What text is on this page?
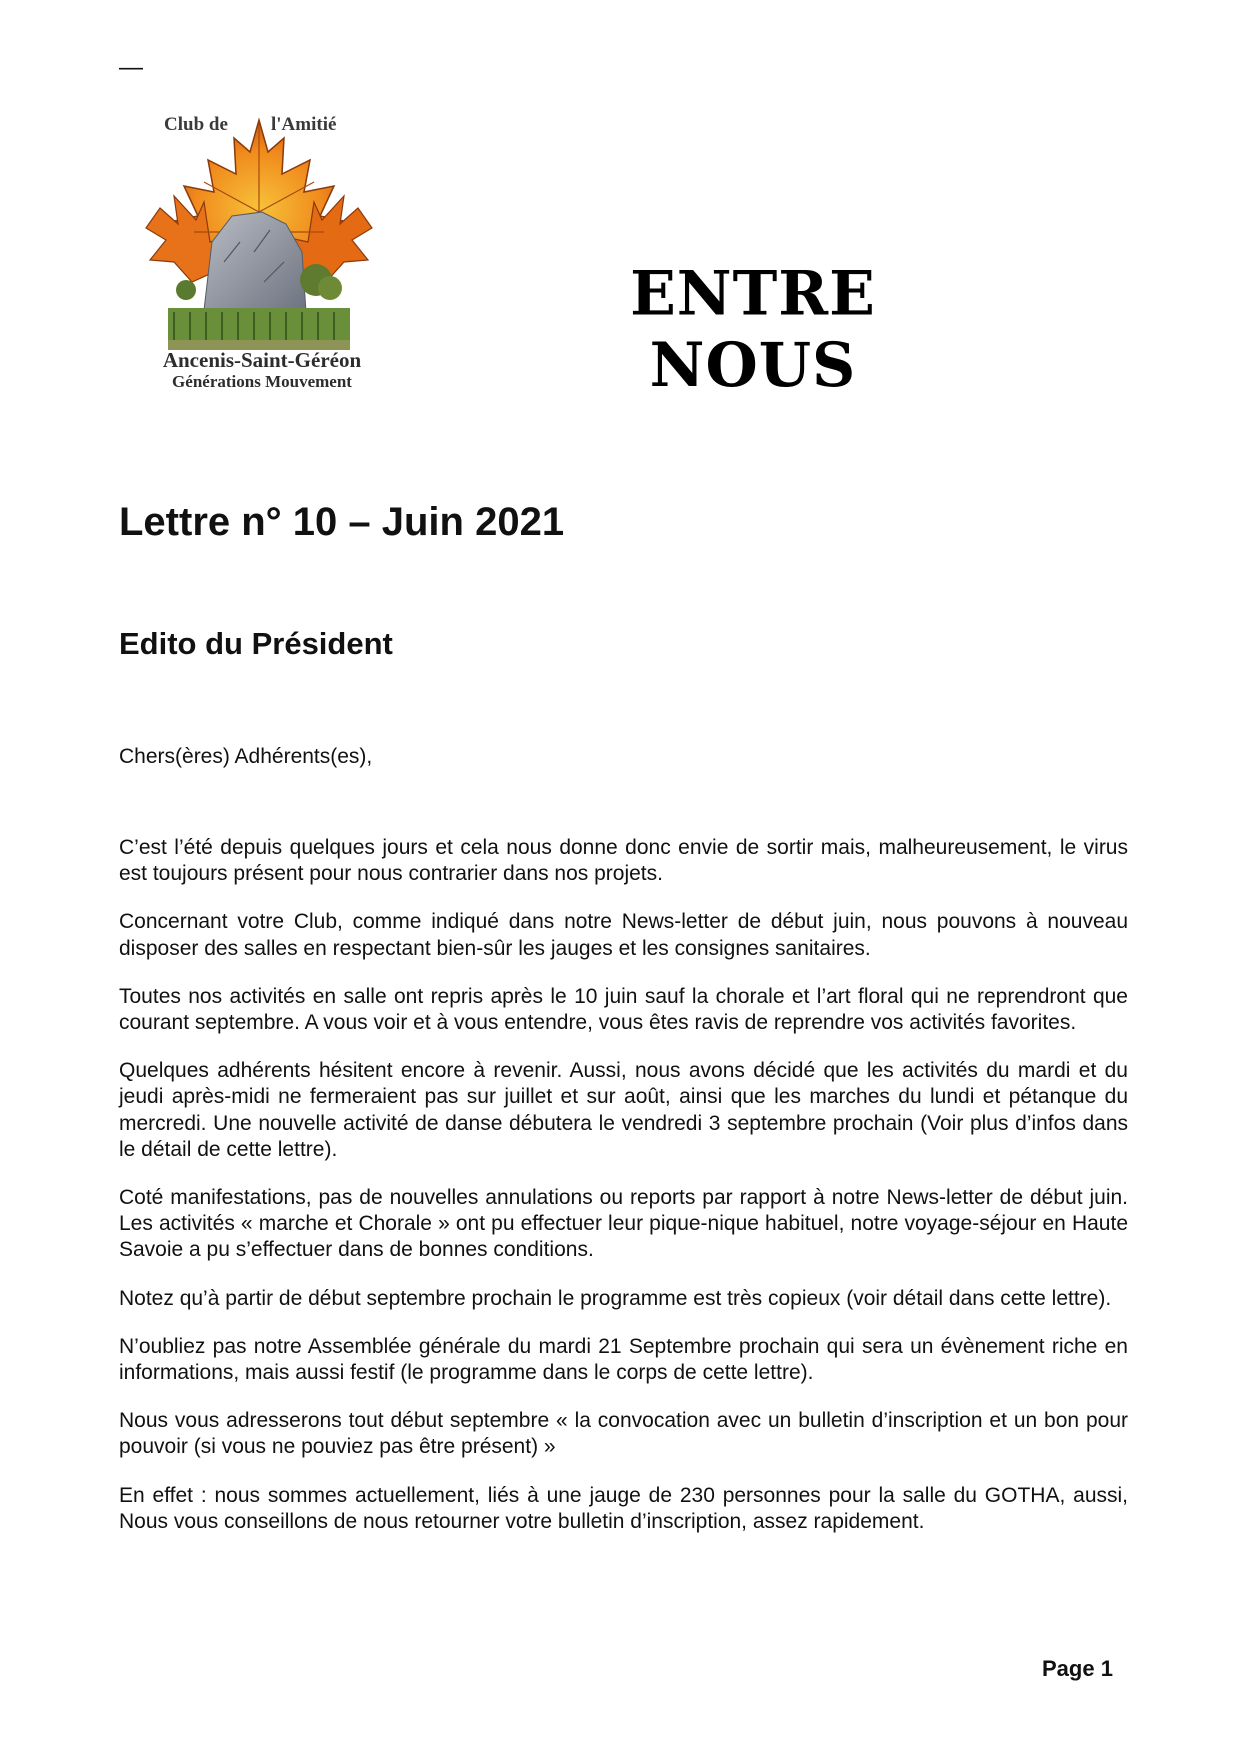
—
Club de l'Amitié
Ancenis-Saint-Géréon
Générations Mouvement
ENTRE NOUS
Lettre n° 10 – Juin 2021
Edito du Président
Chers(ères) Adhérents(es),

C’est l’été depuis quelques jours et cela nous donne donc envie de sortir mais, malheureusement, le virus est toujours présent pour nous contrarier dans nos projets.

Concernant votre Club, comme indiqué dans notre News-letter de début juin, nous pouvons à nouveau disposer des salles en respectant bien-sûr les jauges et les consignes sanitaires.

Toutes nos activités en salle ont repris après le 10 juin sauf la chorale et l’art floral qui ne reprendront que courant septembre. A vous voir et à vous entendre, vous êtes ravis de reprendre vos activités favorites.

Quelques adhérents hésitent encore à revenir. Aussi, nous avons décidé que les activités du mardi et du jeudi après-midi ne fermeraient pas sur juillet et sur août, ainsi que les marches du lundi et pétanque du mercredi. Une nouvelle activité de danse débutera le vendredi 3 septembre prochain (Voir plus d’infos dans le détail de cette lettre).

Coté manifestations, pas de nouvelles annulations ou reports par rapport à notre News-letter de début juin. Les activités « marche et Chorale » ont pu effectuer leur pique-nique habituel, notre voyage-séjour en Haute Savoie a pu s’effectuer dans de bonnes conditions.

Notez qu’à partir de début septembre prochain le programme est très copieux (voir détail dans cette lettre).

N’oubliez pas notre Assemblée générale du mardi 21 Septembre prochain qui sera un évènement riche en informations, mais aussi festif (le programme dans le corps de cette lettre).

Nous vous adresserons tout début septembre « la convocation avec un bulletin d’inscription et un bon pour pouvoir (si vous ne pouviez pas être présent) »

En effet : nous sommes actuellement, liés à une jauge de 230 personnes pour la salle du GOTHA, aussi, Nous vous conseillons de nous retourner votre bulletin d’inscription, assez rapidement.

Page 1
